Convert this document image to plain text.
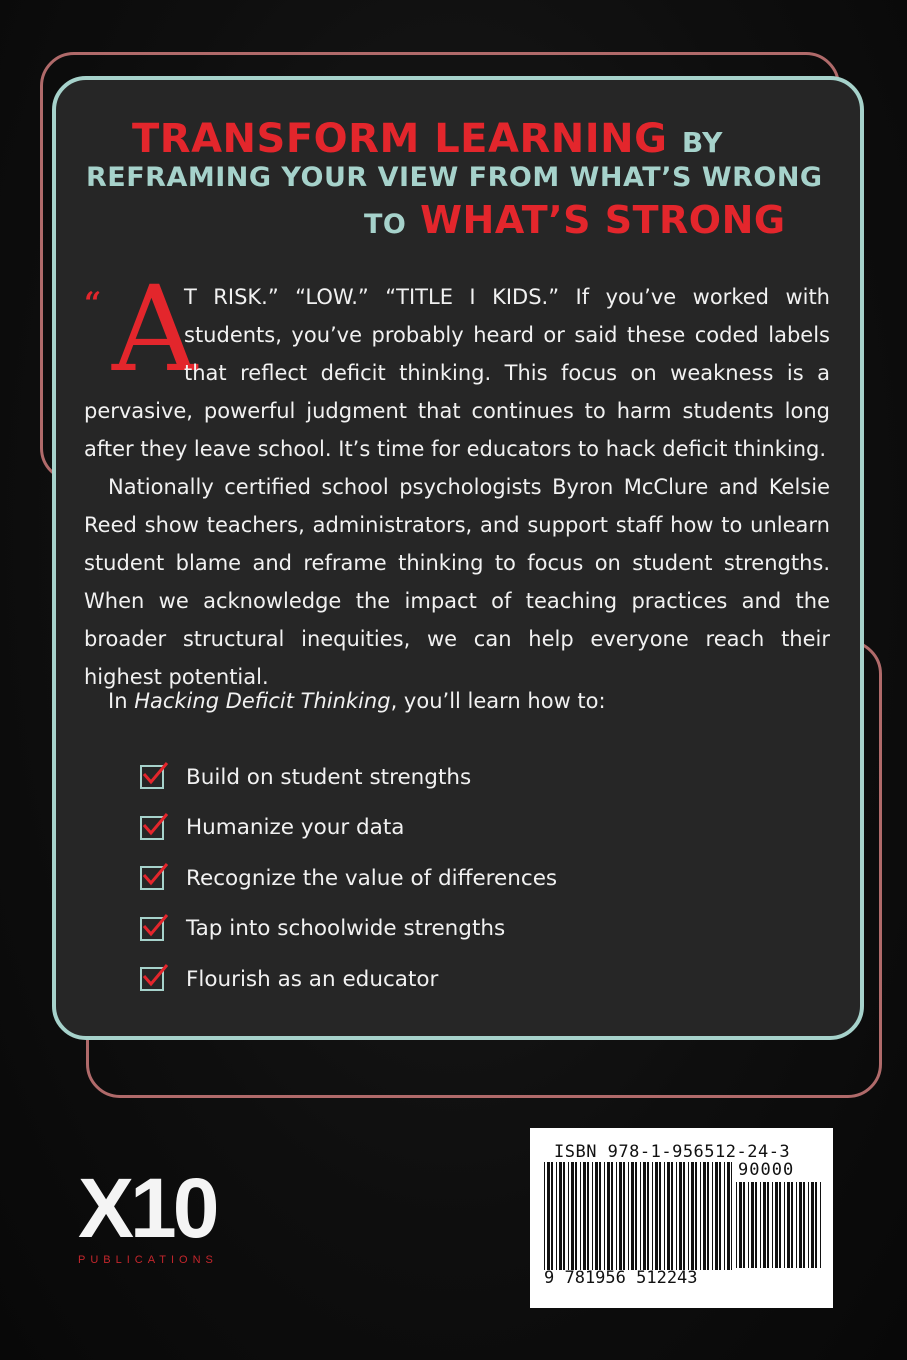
TRANSFORM LEARNING BY
REFRAMING YOUR VIEW FROM WHAT’S WRONG
TO WHAT’S STRONG
“ A
T RISK.” “LOW.” “TITLE I KIDS.” If you’ve worked with
students, you’ve probably heard or said these coded labels
that reflect deficit thinking. This focus on weakness is a
pervasive, powerful judgment that continues to harm students long
after they leave school. It’s time for educators to hack deficit thinking.
Nationally certified school psychologists Byron McClure and Kelsie Reed show teachers, administrators, and support staff how to unlearn student blame and reframe thinking to focus on student strengths. When we acknowledge the impact of teaching practices and the broader structural inequities, we can help everyone reach their highest potential.
In Hacking Deficit Thinking, you’ll learn how to:
Build on student strengths
Humanize your data
Recognize the value of differences
Tap into schoolwide strengths
Flourish as an educator
X10
PUBLICATIONS
ISBN 978-1-956512-24-3
90000
9 781956 512243
